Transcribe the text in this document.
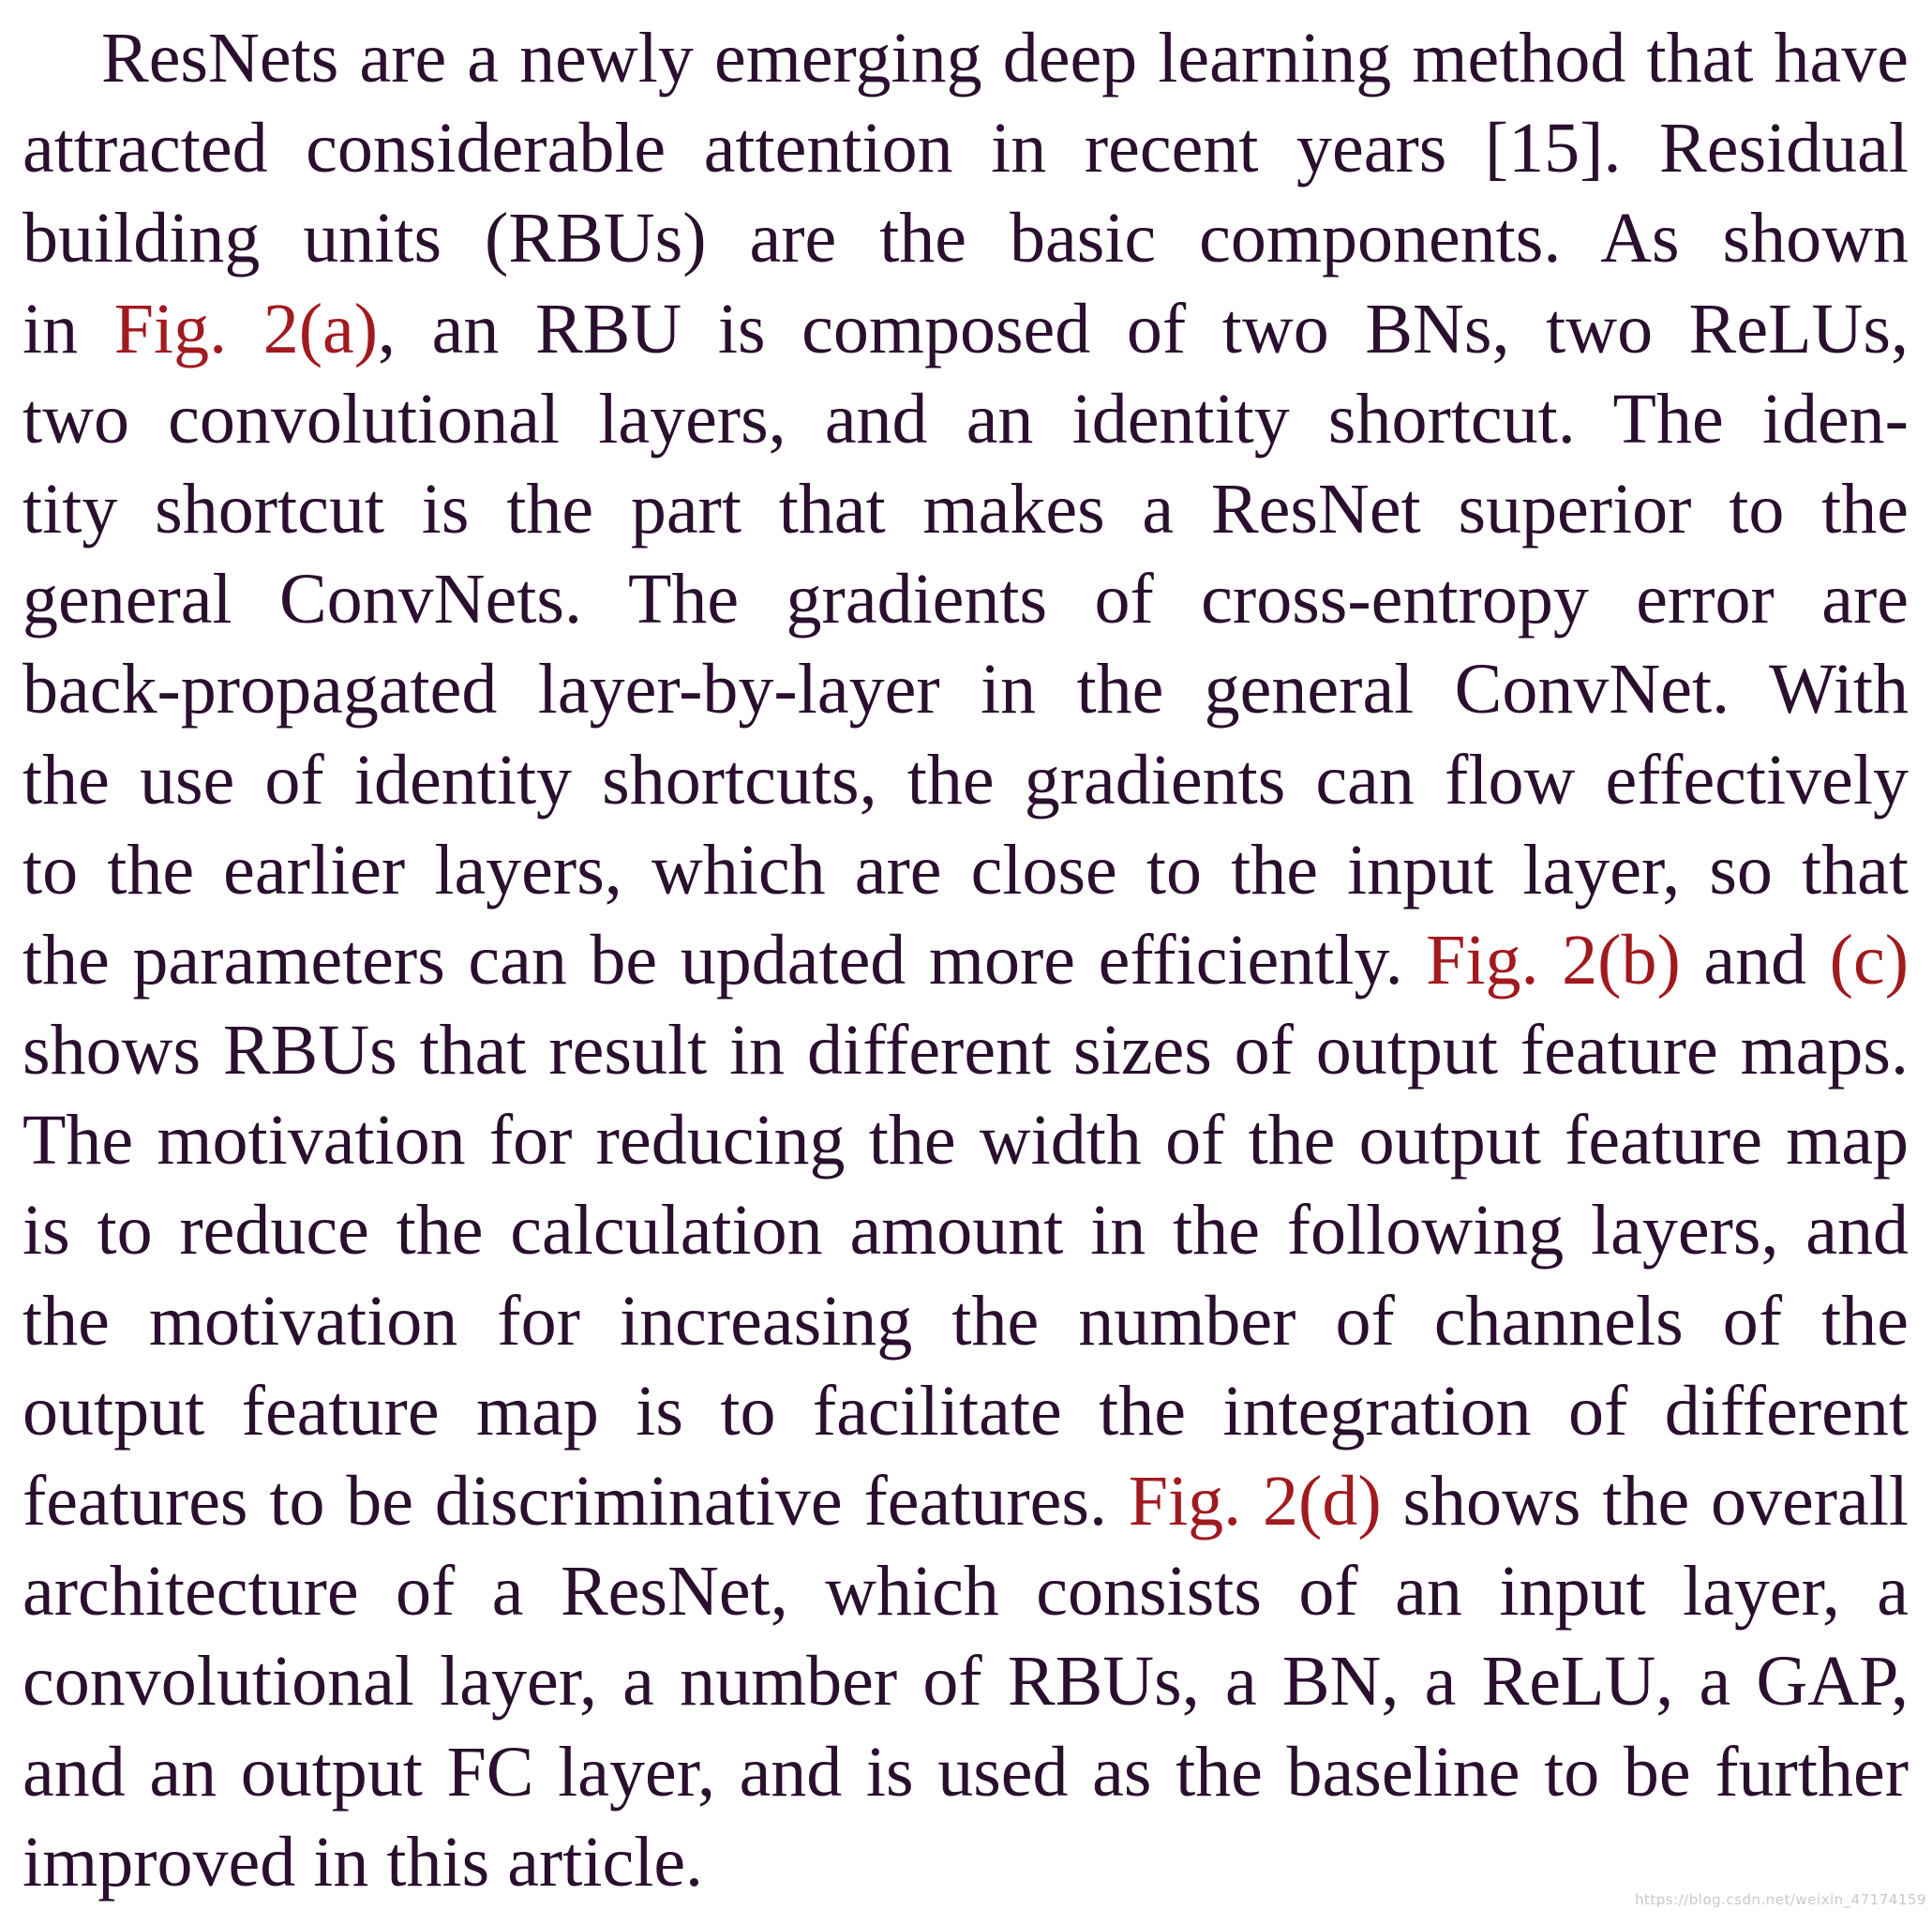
ResNets are a newly emerging deep learning method that have
attracted considerable attention in recent years [15]. Residual
building units (RBUs) are the basic components. As shown
in Fig. 2(a), an RBU is composed of two BNs, two ReLUs,
two convolutional layers, and an identity shortcut. The iden-
tity shortcut is the part that makes a ResNet superior to the
general ConvNets. The gradients of cross-entropy error are
back-propagated layer-by-layer in the general ConvNet. With
the use of identity shortcuts, the gradients can flow effectively
to the earlier layers, which are close to the input layer, so that
the parameters can be updated more efficiently. Fig. 2(b) and (c)
shows RBUs that result in different sizes of output feature maps.
The motivation for reducing the width of the output feature map
is to reduce the calculation amount in the following layers, and
the motivation for increasing the number of channels of the
output feature map is to facilitate the integration of different
features to be discriminative features. Fig. 2(d) shows the overall
architecture of a ResNet, which consists of an input layer, a
convolutional layer, a number of RBUs, a BN, a ReLU, a GAP,
and an output FC layer, and is used as the baseline to be further
improved in this article.	https://blog.csdn.net/weixin_47174159
